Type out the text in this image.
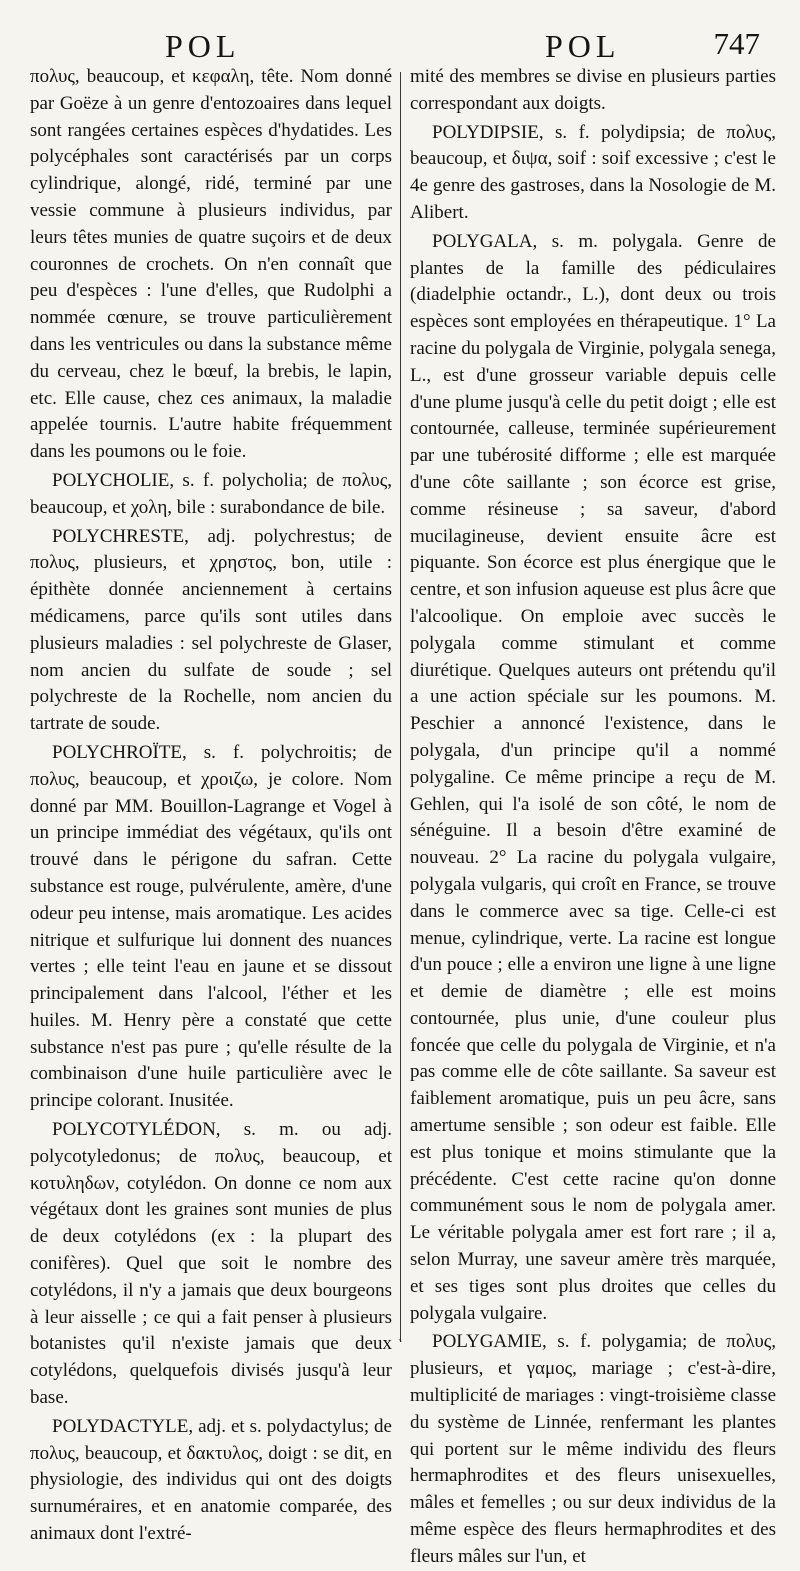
POL	POL	747

πολυς, beaucoup, et κεφαλη, tête. Nom donné par Goëze à un genre d'entozoaires dans lequel sont rangées certaines espèces d'hydatides. Les polycéphales sont caractérisés par un corps cylindrique, alongé, ridé, terminé par une vessie commune à plusieurs individus, par leurs têtes munies de quatre suçoirs et de deux couronnes de crochets. On n'en connaît que peu d'espèces : l'une d'elles, que Rudolphi a nommée cœnure, se trouve particulièrement dans les ventricules ou dans la substance même du cerveau, chez le bœuf, la brebis, le lapin, etc. Elle cause, chez ces animaux, la maladie appelée tournis. L'autre habite fréquemment dans les poumons ou le foie.

POLYCHOLIE, s. f. polycholia; de πολυς, beaucoup, et χολη, bile : surabondance de bile.

POLYCHRESTE, adj. polychrestus; de πολυς, plusieurs, et χρηστος, bon, utile : épithète donnée anciennement à certains médicamens, parce qu'ils sont utiles dans plusieurs maladies : sel polychreste de Glaser, nom ancien du sulfate de soude ; sel polychreste de la Rochelle, nom ancien du tartrate de soude.

POLYCHROÏTE, s. f. polychroitis; de πολυς, beaucoup, et χροιζω, je colore. Nom donné par MM. Bouillon-Lagrange et Vogel à un principe immédiat des végétaux, qu'ils ont trouvé dans le périgone du safran. Cette substance est rouge, pulvérulente, amère, d'une odeur peu intense, mais aromatique. Les acides nitrique et sulfurique lui donnent des nuances vertes ; elle teint l'eau en jaune et se dissout principalement dans l'alcool, l'éther et les huiles. M. Henry père a constaté que cette substance n'est pas pure ; qu'elle résulte de la combinaison d'une huile particulière avec le principe colorant. Inusitée.

POLYCOTYLÉDON, s. m. ou adj. polycotyledonus; de πολυς, beaucoup, et κοτυληδων, cotylédon. On donne ce nom aux végétaux dont les graines sont munies de plus de deux cotylédons (ex : la plupart des conifères). Quel que soit le nombre des cotylédons, il n'y a jamais que deux bourgeons à leur aisselle ; ce qui a fait penser à plusieurs botanistes qu'il n'existe jamais que deux cotylédons, quelquefois divisés jusqu'à leur base.

POLYDACTYLE, adj. et s. polydactylus; de πολυς, beaucoup, et δακτυλος, doigt : se dit, en physiologie, des individus qui ont des doigts surnuméraires, et en anatomie comparée, des animaux dont l'extré-

mité des membres se divise en plusieurs parties correspondant aux doigts.

POLYDIPSIE, s. f. polydipsia; de πολυς, beaucoup, et διψα, soif : soif excessive ; c'est le 4e genre des gastroses, dans la Nosologie de M. Alibert.

POLYGALA, s. m. polygala. Genre de plantes de la famille des pédiculaires (diadelphie octandr., L.), dont deux ou trois espèces sont employées en thérapeutique. 1° La racine du polygala de Virginie, polygala senega, L., est d'une grosseur variable depuis celle d'une plume jusqu'à celle du petit doigt ; elle est contournée, calleuse, terminée supérieurement par une tubérosité difforme ; elle est marquée d'une côte saillante ; son écorce est grise, comme résineuse ; sa saveur, d'abord mucilagineuse, devient ensuite âcre est piquante. Son écorce est plus énergique que le centre, et son infusion aqueuse est plus âcre que l'alcoolique. On emploie avec succès le polygala comme stimulant et comme diurétique. Quelques auteurs ont prétendu qu'il a une action spéciale sur les poumons. M. Peschier a annoncé l'existence, dans le polygala, d'un principe qu'il a nommé polygaline. Ce même principe a reçu de M. Gehlen, qui l'a isolé de son côté, le nom de sénéguine. Il a besoin d'être examiné de nouveau. 2° La racine du polygala vulgaire, polygala vulgaris, qui croît en France, se trouve dans le commerce avec sa tige. Celle-ci est menue, cylindrique, verte. La racine est longue d'un pouce ; elle a environ une ligne à une ligne et demie de diamètre ; elle est moins contournée, plus unie, d'une couleur plus foncée que celle du polygala de Virginie, et n'a pas comme elle de côte saillante. Sa saveur est faiblement aromatique, puis un peu âcre, sans amertume sensible ; son odeur est faible. Elle est plus tonique et moins stimulante que la précédente. C'est cette racine qu'on donne communément sous le nom de polygala amer. Le véritable polygala amer est fort rare ; il a, selon Murray, une saveur amère très marquée, et ses tiges sont plus droites que celles du polygala vulgaire.

POLYGAMIE, s. f. polygamia; de πολυς, plusieurs, et γαμος, mariage ; c'est-à-dire, multiplicité de mariages : vingt-troisième classe du système de Linnée, renfermant les plantes qui portent sur le même individu des fleurs hermaphrodites et des fleurs unisexuelles, mâles et femelles ; ou sur deux individus de la même espèce des fleurs hermaphrodites et des fleurs mâles sur l'un, et

`
